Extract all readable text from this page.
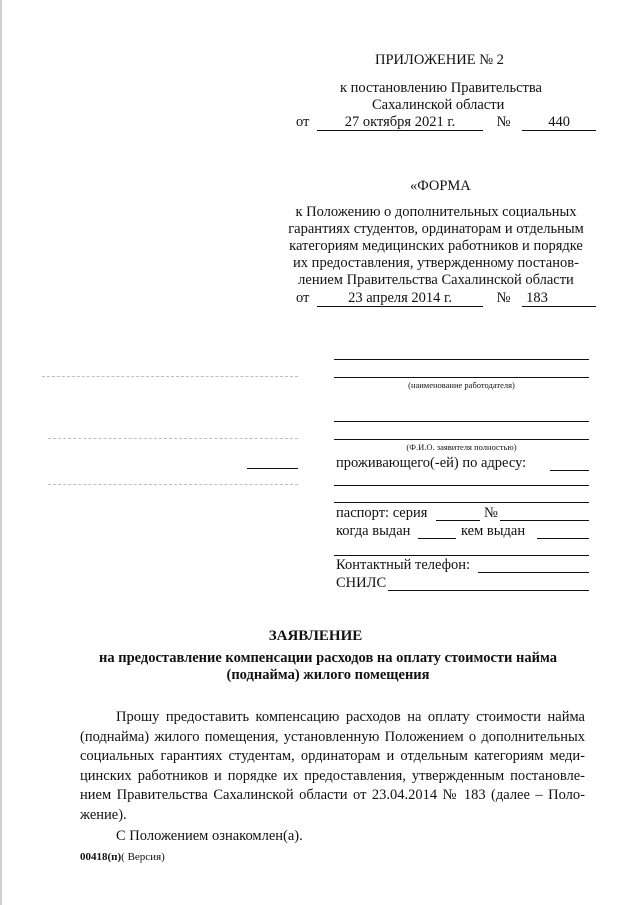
ПРИЛОЖЕНИЕ № 2
к постановлению Правительства
Сахалинской области
от 27 октября 2021 г.	№	440
«ФОРМА
к Положению о дополнительных социальных
гарантиях студентов, ординаторам и отдельным
категориям медицинских работников и порядке
их предоставления, утвержденному постанов-
лением Правительства Сахалинской области
от	23 апреля 2014 г.	№ 183
(наименование работодателя)
(Ф.И.О. заявителя полностью)
проживающего(-ей) по адресу:
паспорт: серия	№
когда выдан	кем выдан
Контактный телефон:
СНИЛС
ЗАЯВЛЕНИЕ
на предоставление компенсации расходов на оплату стоимости найма
(поднайма) жилого помещения
Прошу предоставить компенсацию расходов на оплату стоимости найма
(поднайма) жилого помещения, установленную Положением о дополнительных
социальных гарантиях студентам, ординаторам и отдельным категориям меди-
цинских работников и порядке их предоставления, утвержденным постановле-
нием Правительства Сахалинской области от 23.04.2014 № 183 (далее – Поло-
жение).
С Положением ознакомлен(а).
00418(п)( Версия)
